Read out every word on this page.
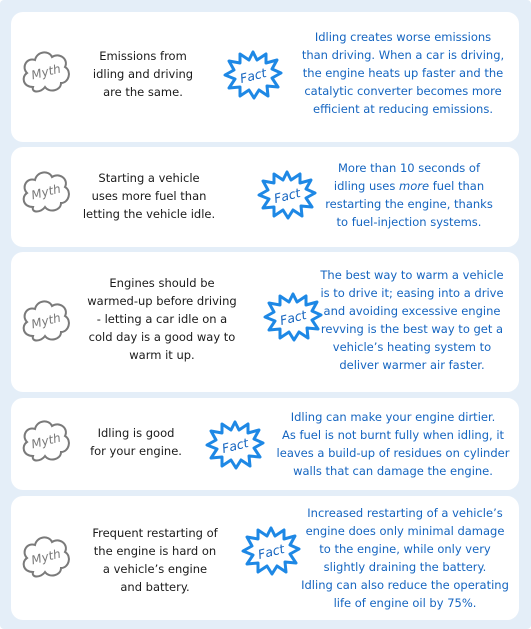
Myth
Emissions from
idling and driving
are the same.
Fact
Idling creates worse emissions
than driving. When a car is driving,
the engine heats up faster and the
catalytic converter becomes more
efficient at reducing emissions.
Myth
Starting a vehicle
uses more fuel than
letting the vehicle idle.
Fact
More than 10 seconds of
idling uses more fuel than
restarting the engine, thanks
to fuel-injection systems.
Myth
Engines should be
warmed-up before driving
- letting a car idle on a
cold day is a good way to
warm it up.
Fact
The best way to warm a vehicle
is to drive it; easing into a drive
and avoiding excessive engine
revving is the best way to get a
vehicle’s heating system to
deliver warmer air faster.
Myth	Idling is good
for your engine.	Fact
Idling can make your engine dirtier.
As fuel is not burnt fully when idling, it
leaves a build-up of residues on cylinder
walls that can damage the engine.
Myth
Frequent restarting of
the engine is hard on
a vehicle’s engine
and battery.
Fact
Increased restarting of a vehicle’s
engine does only minimal damage
to the engine, while only very
slightly draining the battery.
Idling can also reduce the operating
life of engine oil by 75%.
